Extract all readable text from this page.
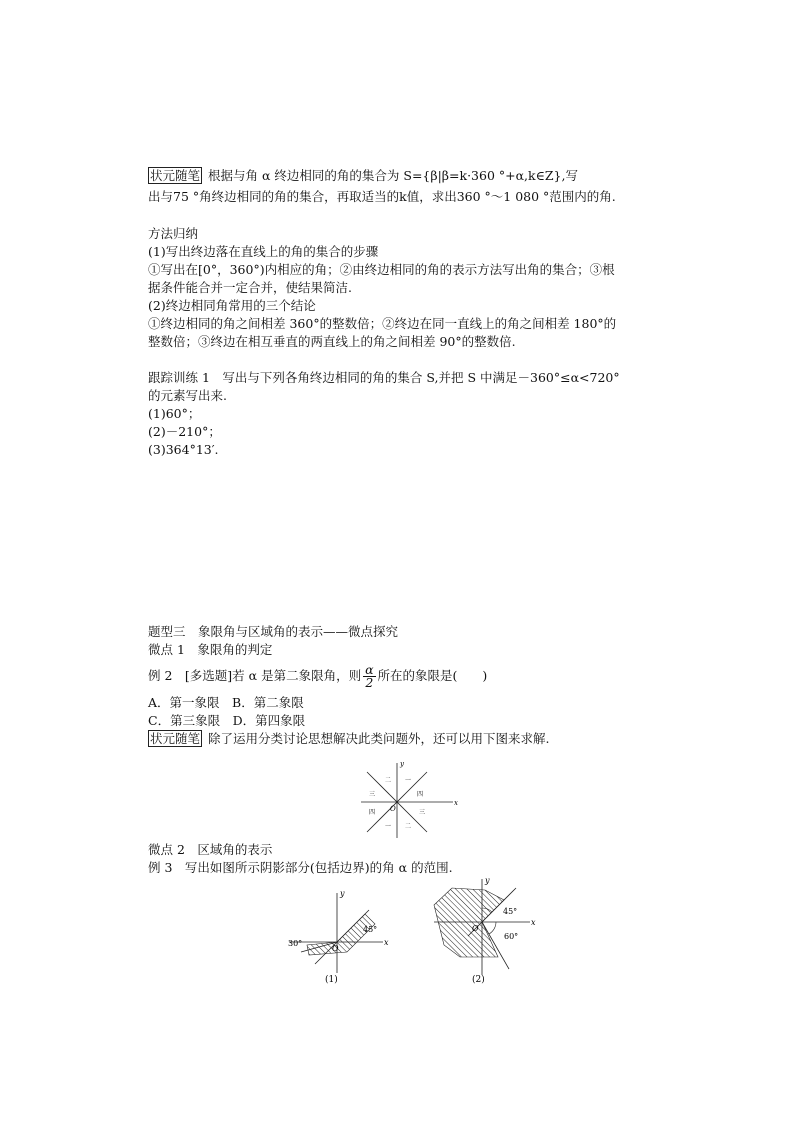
状元随笔 根据与角 α 终边相同的角的集合为 S={β|β=k·360 °+α,k∈Z},写
出与75 °角终边相同的角的集合，再取适当的k值，求出360 °～1 080 °范围内的角.
方法归纳
(1)写出终边落在直线上的角的集合的步骤
①写出在[0°，360°)内相应的角；②由终边相同的角的表示方法写出角的集合；③根
据条件能合并一定合并，使结果简洁.
(2)终边相同角常用的三个结论
①终边相同的角之间相差 360°的整数倍；②终边在同一直线上的角之间相差 180°的
整数倍；③终边在相互垂直的两直线上的角之间相差 90°的整数倍.
跟踪训练 1　写出与下列各角终边相同的角的集合 S,并把 S 中满足－360°≤α<720°
的元素写出来.
(1)60°；
(2)－210°；
(3)364°13′.
题型三　象限角与区域角的表示——微点探究
微点 1　象限角的判定
例 2　[多选题]若 α 是第二象限角，则 $\frac{\alpha}{2}$ 所在的象限是(　　)
A．第一象限　B．第二象限
C．第三象限　D．第四象限
状元随笔 除了运用分类讨论思想解决此类问题外，还可以用下图来求解.
x
y
O
二 一
三	四
四	三
一 二
微点 2　区域角的表示
例 3　写出如图所示阴影部分(包括边界)的角 α 的范围.
x
y
O
45°
30°
(1)
x
y
O
45°
60°
(2)
